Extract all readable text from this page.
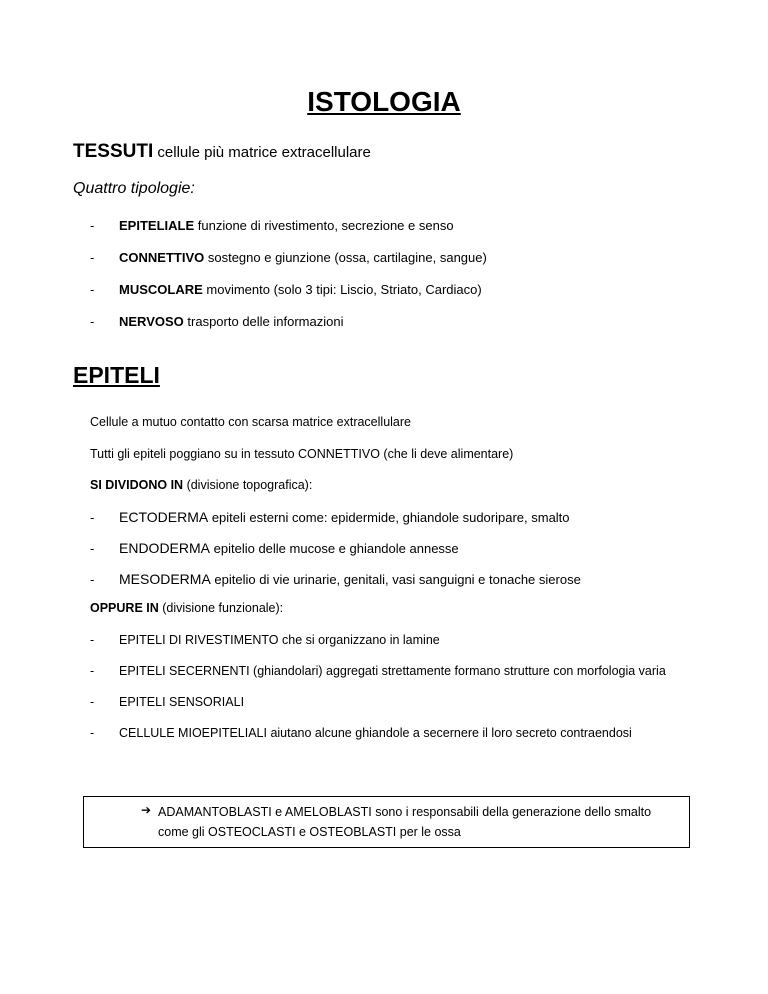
ISTOLOGIA
TESSUTI cellule più matrice extracellulare
Quattro tipologie:
- EPITELIALE funzione di rivestimento, secrezione e senso
- CONNETTIVO sostegno e giunzione (ossa, cartilagine, sangue)
- MUSCOLARE movimento (solo 3 tipi: Liscio, Striato, Cardiaco)
- NERVOSO trasporto delle informazioni
EPITELI
Cellule a mutuo contatto con scarsa matrice extracellulare
Tutti gli epiteli poggiano su in tessuto CONNETTIVO (che li deve alimentare)
SI DIVIDONO IN (divisione topografica):
- ECTODERMA epiteli esterni come: epidermide, ghiandole sudoripare, smalto
- ENDODERMA epitelio delle mucose e ghiandole annesse
- MESODERMA epitelio di vie urinarie, genitali, vasi sanguigni e tonache sierose
OPPURE IN (divisione funzionale):
- EPITELI DI RIVESTIMENTO che si organizzano in lamine
- EPITELI SECERNENTI (ghiandolari) aggregati strettamente formano strutture con morfologia varia
- EPITELI SENSORIALI
- CELLULE MIOEPITELIALI aiutano alcune ghiandole a secernere il loro secreto contraendosi
➔ ADAMANTOBLASTI e AMELOBLASTI sono i responsabili della generazione dello smalto come gli OSTEOCLASTI e OSTEOBLASTI per le ossa
